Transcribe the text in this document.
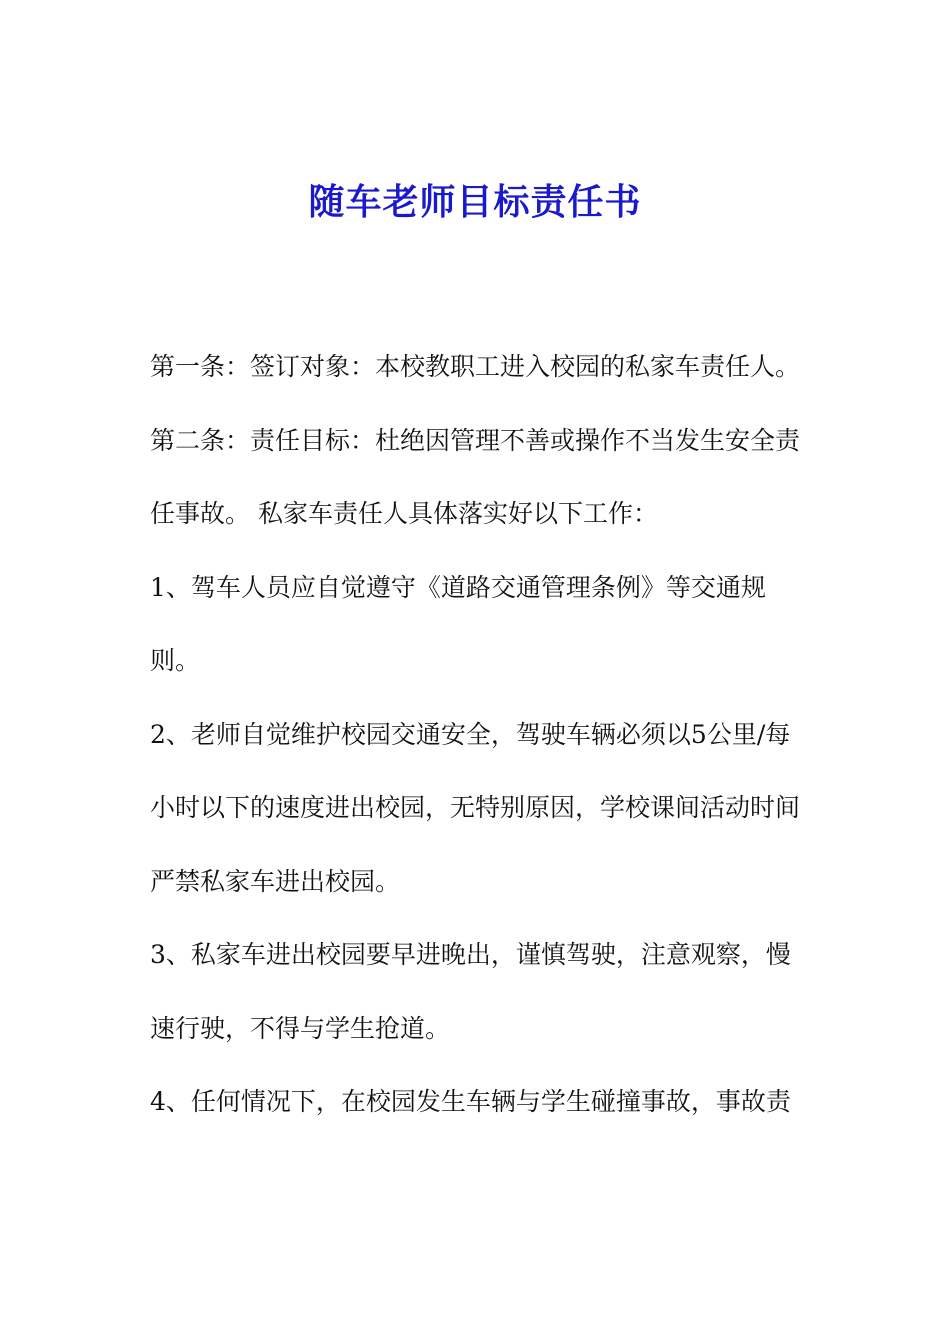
随车老师目标责任书

第一条：签订对象：本校教职工进入校园的私家车责任人。

第二条：责任目标：杜绝因管理不善或操作不当发生安全责任事故。 私家车责任人具体落实好以下工作：

1、驾车人员应自觉遵守《道路交通管理条例》等交通规则。

2、老师自觉维护校园交通安全，驾驶车辆必须以5公里/每小时以下的速度进出校园，无特别原因，学校课间活动时间严禁私家车进出校园。

3、私家车进出校园要早进晚出，谨慎驾驶，注意观察，慢速行驶，不得与学生抢道。

4、任何情况下，在校园发生车辆与学生碰撞事故，事故责
